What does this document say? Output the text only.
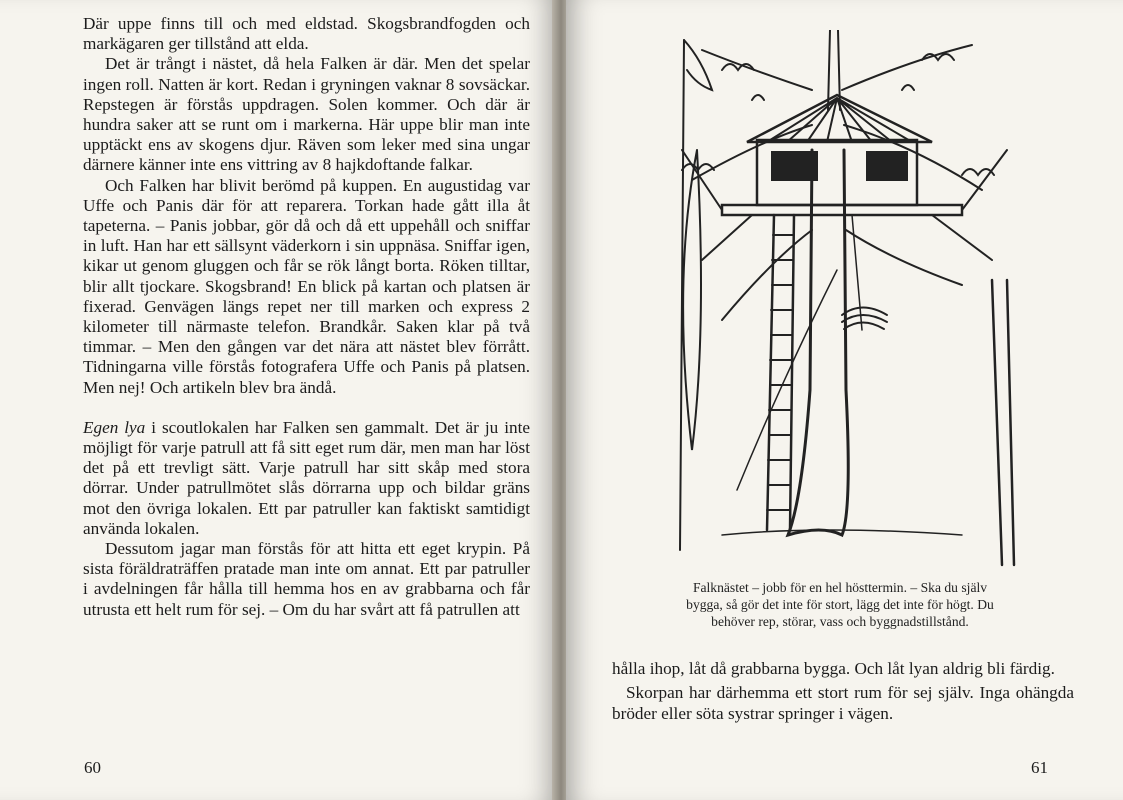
Där uppe finns till och med eldstad. Skogsbrandfogden och markägaren ger tillstånd att elda.

Det är trångt i nästet, då hela Falken är där. Men det spelar ingen roll. Natten är kort. Redan i gryningen vaknar 8 sovsäckar. Repstegen är förstås uppdragen. Solen kommer. Och där är hundra saker att se runt om i markerna. Här uppe blir man inte upptäckt ens av skogens djur. Räven som leker med sina ungar därnere känner inte ens vittring av 8 hajkdoftande falkar.

Och Falken har blivit berömd på kuppen. En augustidag var Uffe och Panis där för att reparera. Torkan hade gått illa åt tapeterna. – Panis jobbar, gör då och då ett uppehåll och sniffar in luft. Han har ett sällsynt väderkorn i sin uppnäsa. Sniffar igen, kikar ut genom gluggen och får se rök långt borta. Röken tilltar, blir allt tjockare. Skogsbrand! En blick på kartan och platsen är fixerad. Genvägen längs repet ner till marken och express 2 kilometer till närmaste telefon. Brandkår. Saken klar på två timmar. – Men den gången var det nära att nästet blev förrått. Tidningarna ville förstås fotografera Uffe och Panis på platsen. Men nej! Och artikeln blev bra ändå.

Egen lya i scoutlokalen har Falken sen gammalt. Det är ju inte möjligt för varje patrull att få sitt eget rum där, men man har löst det på ett trevligt sätt. Varje patrull har sitt skåp med stora dörrar. Under patrullmötet slås dörrarna upp och bildar gräns mot den övriga lokalen. Ett par patruller kan faktiskt samtidigt använda lokalen.

Dessutom jagar man förstås för att hitta ett eget krypin. På sista föräldraträffen pratade man inte om annat. Ett par patruller i avdelningen får hålla till hemma hos en av grabbarna och får utrusta ett helt rum för sej. – Om du har svårt att få patrullen att

60
Falknästet – jobb för en hel hösttermin. – Ska du själv
bygga, så gör det inte för stort, lägg det inte för högt. Du
behöver rep, störar, vass och byggnadstillstånd.

hålla ihop, låt då grabbarna bygga. Och låt lyan aldrig bli färdig.

Skorpan har därhemma ett stort rum för sej själv. Inga ohängda bröder eller söta systrar springer i vägen.

61
